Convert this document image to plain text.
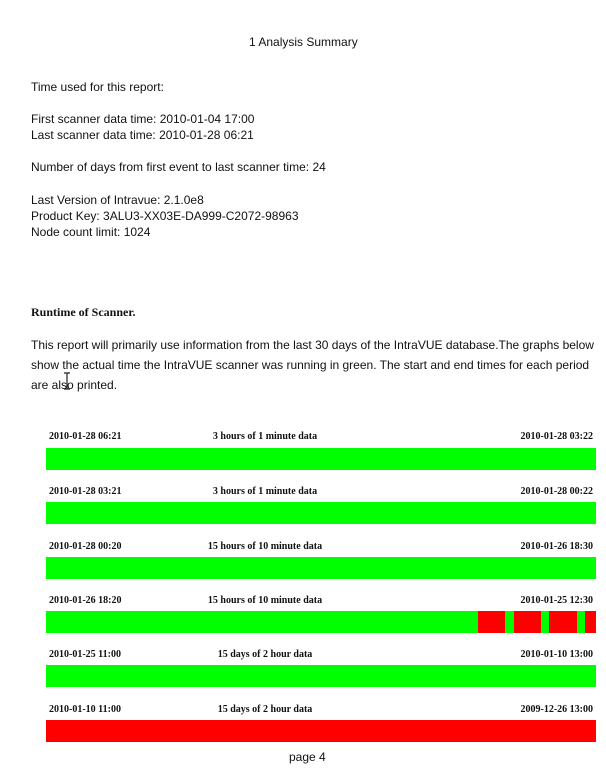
1 Analysis Summary
Time used for this report:
First scanner data time: 2010-01-04 17:00
Last scanner data time: 2010-01-28 06:21
Number of days from first event to last scanner time: 24
Last Version of Intravue: 2.1.0e8
Product Key: 3ALU3-XX03E-DA999-C2072-98963
Node count limit: 1024
Runtime of Scanner.
This report will primarily use information from the last 30 days of the IntraVUE database.The graphs below show the actual time the IntraVUE scanner was running in green. The start and end times for each period are also printed.
2010-01-28 06:21	3 hours of 1 minute data	2010-01-28 03:22
2010-01-28 03:21	3 hours of 1 minute data	2010-01-28 00:22
2010-01-28 00:20	15 hours of 10 minute data	2010-01-26 18:30
2010-01-26 18:20	15 hours of 10 minute data	2010-01-25 12:30
2010-01-25 11:00	15 days of 2 hour data	2010-01-10 13:00
2010-01-10 11:00	15 days of 2 hour data	2009-12-26 13:00
page 4
